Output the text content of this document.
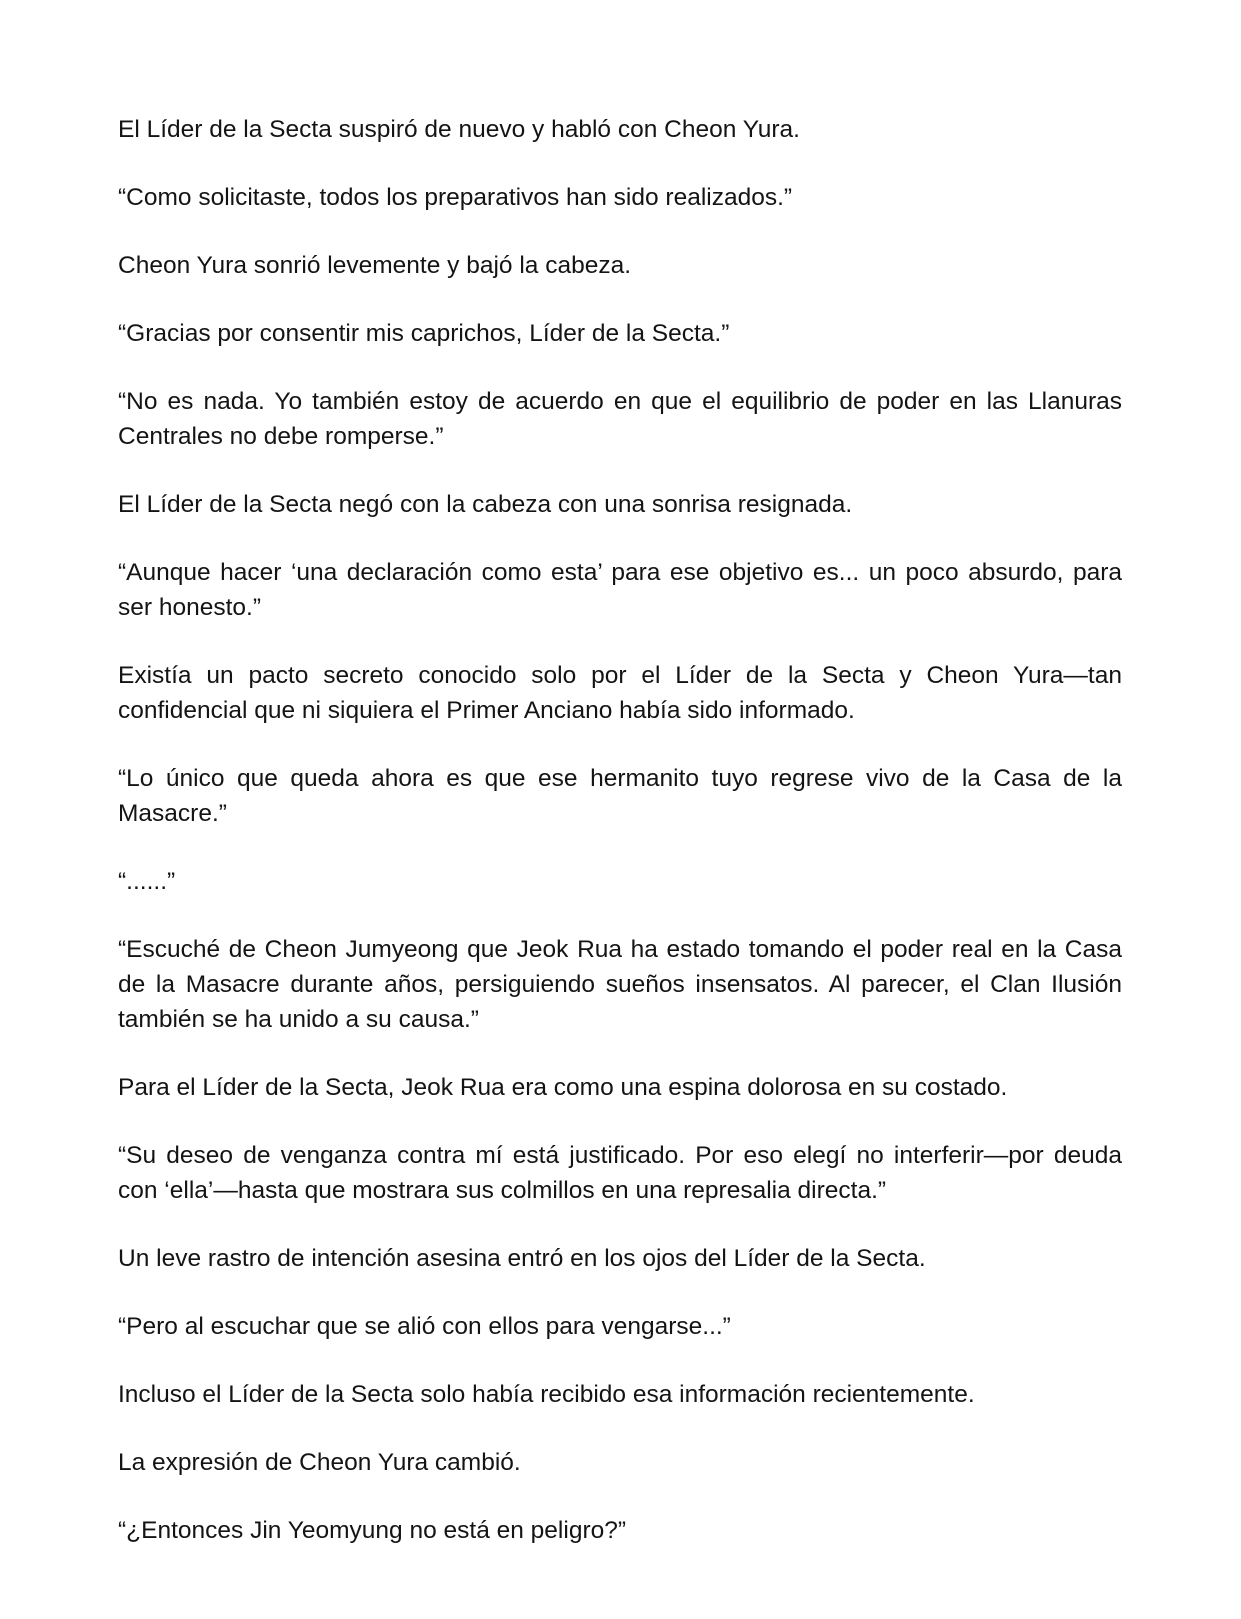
El Líder de la Secta suspiró de nuevo y habló con Cheon Yura.

“Como solicitaste, todos los preparativos han sido realizados.”

Cheon Yura sonrió levemente y bajó la cabeza.

“Gracias por consentir mis caprichos, Líder de la Secta.”

“No es nada. Yo también estoy de acuerdo en que el equilibrio de poder en las Llanuras Centrales no debe romperse.”

El Líder de la Secta negó con la cabeza con una sonrisa resignada.

“Aunque hacer ‘una declaración como esta’ para ese objetivo es... un poco absurdo, para ser honesto.”

Existía un pacto secreto conocido solo por el Líder de la Secta y Cheon Yura—tan confidencial que ni siquiera el Primer Anciano había sido informado.

“Lo único que queda ahora es que ese hermanito tuyo regrese vivo de la Casa de la Masacre.”

“......”

“Escuché de Cheon Jumyeong que Jeok Rua ha estado tomando el poder real en la Casa de la Masacre durante años, persiguiendo sueños insensatos. Al parecer, el Clan Ilusión también se ha unido a su causa.”

Para el Líder de la Secta, Jeok Rua era como una espina dolorosa en su costado.

“Su deseo de venganza contra mí está justificado. Por eso elegí no interferir—por deuda con ‘ella’—hasta que mostrara sus colmillos en una represalia directa.”

Un leve rastro de intención asesina entró en los ojos del Líder de la Secta.

“Pero al escuchar que se alió con ellos para vengarse...”

Incluso el Líder de la Secta solo había recibido esa información recientemente.

La expresión de Cheon Yura cambió.

“¿Entonces Jin Yeomyung no está en peligro?”
